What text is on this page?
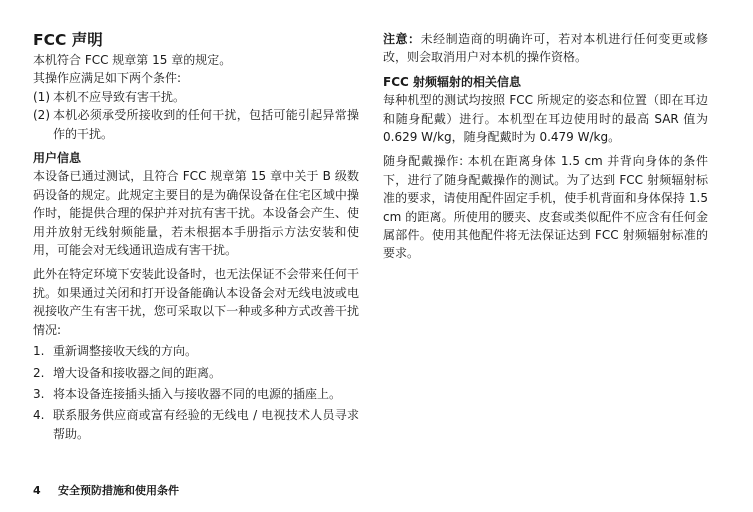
FCC 声明

本机符合 FCC 规章第 15 章的规定。

其操作应满足如下两个条件:

(1) 本机不应导致有害干扰。
(2) 本机必须承受所接收到的任何干扰，包括可能引起异常操作的干扰。
用户信息

本设备已通过测试，且符合 FCC 规章第 15 章中关于 B 级数码设备的规定。此规定主要目的是为确保设备在住宅区域中操作时，能提供合理的保护并对抗有害干扰。本设备会产生、使用并放射无线射频能量，若未根据本手册指示方法安装和使用，可能会对无线通讯造成有害干扰。

此外在特定环境下安装此设备时，也无法保证不会带来任何干扰。如果通过关闭和打开设备能确认本设备会对无线电波或电视接收产生有害干扰，您可采取以下一种或多种方式改善干扰情况:

1. 重新调整接收天线的方向。
2. 增大设备和接收器之间的距离。
3. 将本设备连接插头插入与接收器不同的电源的插座上。
4. 联系服务供应商或富有经验的无线电 / 电视技术人员寻求帮助。

注意：未经制造商的明确许可，若对本机进行任何变更或修改，则会取消用户对本机的操作资格。

FCC 射频辐射的相关信息

每种机型的测试均按照 FCC 所规定的姿态和位置（即在耳边和随身配戴）进行。本机型在耳边使用时的最高 SAR 值为 0.629 W/kg，随身配戴时为 0.479 W/kg。

随身配戴操作: 本机在距离身体 1.5 cm 并背向身体的条件下，进行了随身配戴操作的测试。为了达到 FCC 射频辐射标准的要求，请使用配件固定手机，使手机背面和身体保持 1.5 cm 的距离。所使用的腰夹、皮套或类似配件不应含有任何金属部件。使用其他配件将无法保证达到 FCC 射频辐射标准的要求。

4 安全预防措施和使用条件
